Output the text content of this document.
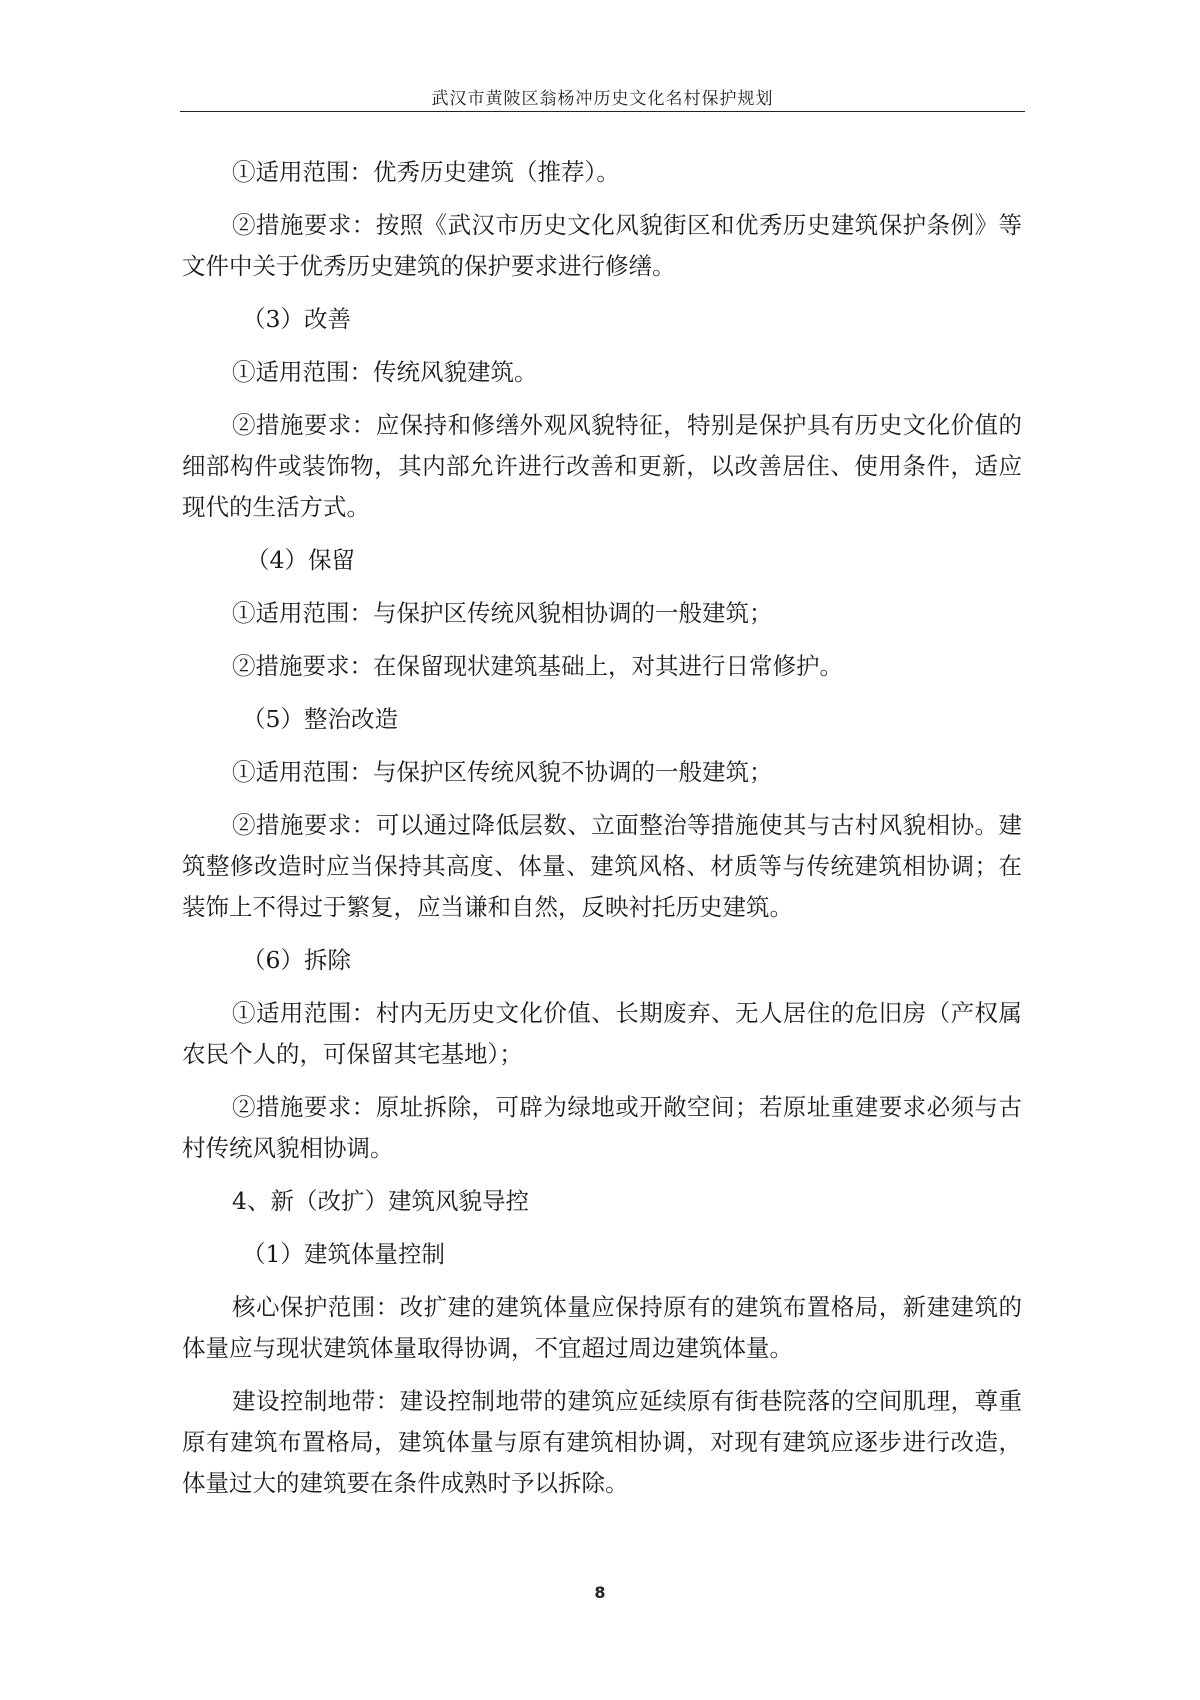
武汉市黄陂区翁杨冲历史文化名村保护规划

①适用范围：优秀历史建筑（推荐）。

②措施要求：按照《武汉市历史文化风貌街区和优秀历史建筑保护条例》等文件中关于优秀历史建筑的保护要求进行修缮。

（3）改善

①适用范围：传统风貌建筑。

②措施要求：应保持和修缮外观风貌特征，特别是保护具有历史文化价值的细部构件或装饰物，其内部允许进行改善和更新，以改善居住、使用条件，适应现代的生活方式。

（4）保留

①适用范围：与保护区传统风貌相协调的一般建筑；

②措施要求：在保留现状建筑基础上，对其进行日常修护。

（5）整治改造

①适用范围：与保护区传统风貌不协调的一般建筑；

②措施要求：可以通过降低层数、立面整治等措施使其与古村风貌相协。建筑整修改造时应当保持其高度、体量、建筑风格、材质等与传统建筑相协调；在装饰上不得过于繁复，应当谦和自然，反映衬托历史建筑。

（6）拆除

①适用范围：村内无历史文化价值、长期废弃、无人居住的危旧房（产权属农民个人的，可保留其宅基地）；

②措施要求：原址拆除，可辟为绿地或开敞空间；若原址重建要求必须与古村传统风貌相协调。

4、新（改扩）建筑风貌导控

（1）建筑体量控制

核心保护范围：改扩建的建筑体量应保持原有的建筑布置格局，新建建筑的体量应与现状建筑体量取得协调，不宜超过周边建筑体量。

建设控制地带：建设控制地带的建筑应延续原有街巷院落的空间肌理，尊重原有建筑布置格局，建筑体量与原有建筑相协调，对现有建筑应逐步进行改造，体量过大的建筑要在条件成熟时予以拆除。

8
